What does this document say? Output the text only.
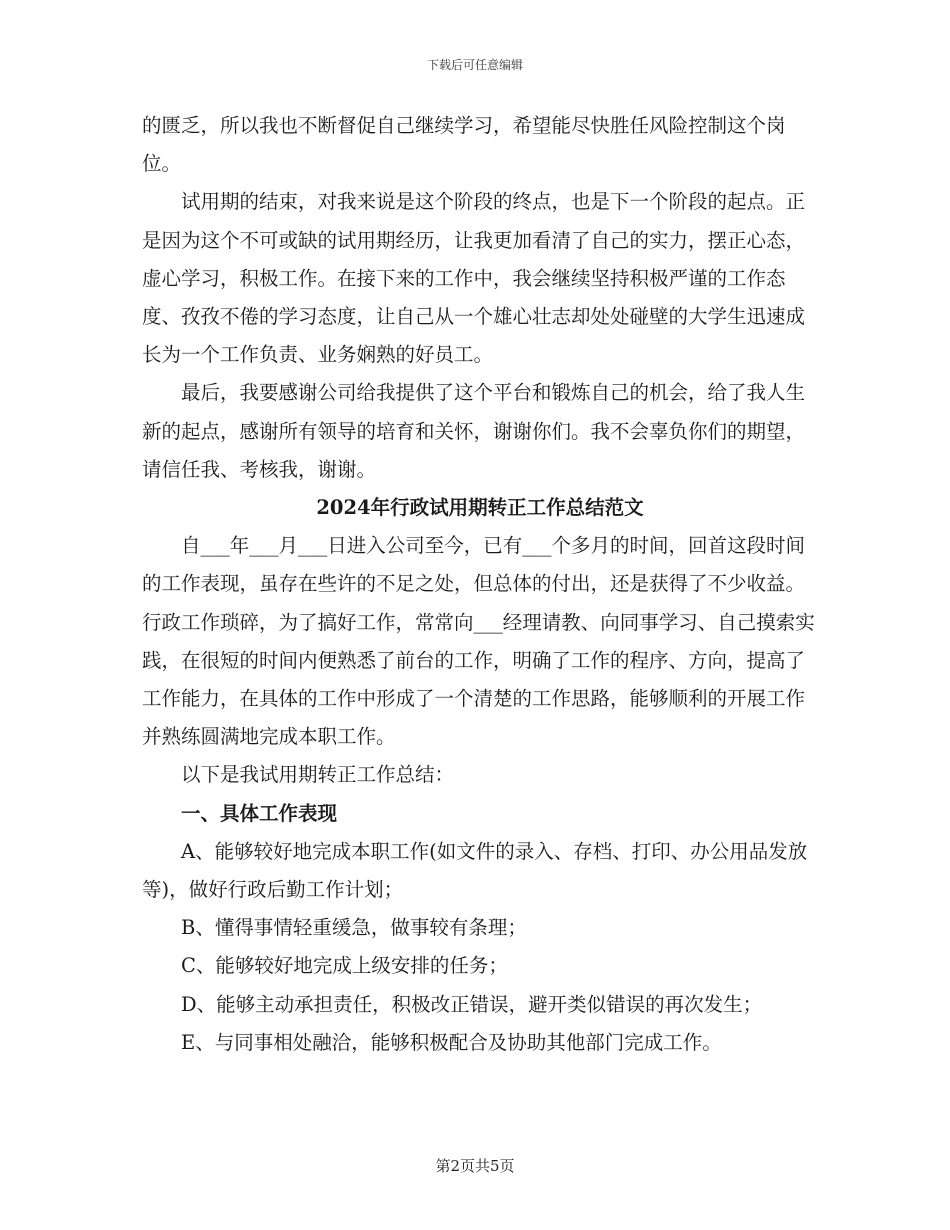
下载后可任意编辑

的匮乏，所以我也不断督促自己继续学习，希望能尽快胜任风险控制这个岗位。

试用期的结束，对我来说是这个阶段的终点，也是下一个阶段的起点。正是因为这个不可或缺的试用期经历，让我更加看清了自己的实力，摆正心态，虚心学习，积极工作。在接下来的工作中，我会继续坚持积极严谨的工作态度、孜孜不倦的学习态度，让自己从一个雄心壮志却处处碰壁的大学生迅速成长为一个工作负责、业务娴熟的好员工。

最后，我要感谢公司给我提供了这个平台和锻炼自己的机会，给了我人生新的起点，感谢所有领导的培育和关怀，谢谢你们。我不会辜负你们的期望，请信任我、考核我，谢谢。

2024年行政试用期转正工作总结范文

自___年___月___日进入公司至今，已有___个多月的时间，回首这段时间的工作表现，虽存在些许的不足之处，但总体的付出，还是获得了不少收益。行政工作琐碎，为了搞好工作，常常向___经理请教、向同事学习、自己摸索实践，在很短的时间内便熟悉了前台的工作，明确了工作的程序、方向，提高了工作能力，在具体的工作中形成了一个清楚的工作思路，能够顺利的开展工作并熟练圆满地完成本职工作。

以下是我试用期转正工作总结：

一、具体工作表现

A、能够较好地完成本职工作(如文件的录入、存档、打印、办公用品发放等)，做好行政后勤工作计划；

B、懂得事情轻重缓急，做事较有条理；

C、能够较好地完成上级安排的任务；

D、能够主动承担责任，积极改正错误，避开类似错误的再次发生；

E、与同事相处融洽，能够积极配合及协助其他部门完成工作。

第2页共5页
